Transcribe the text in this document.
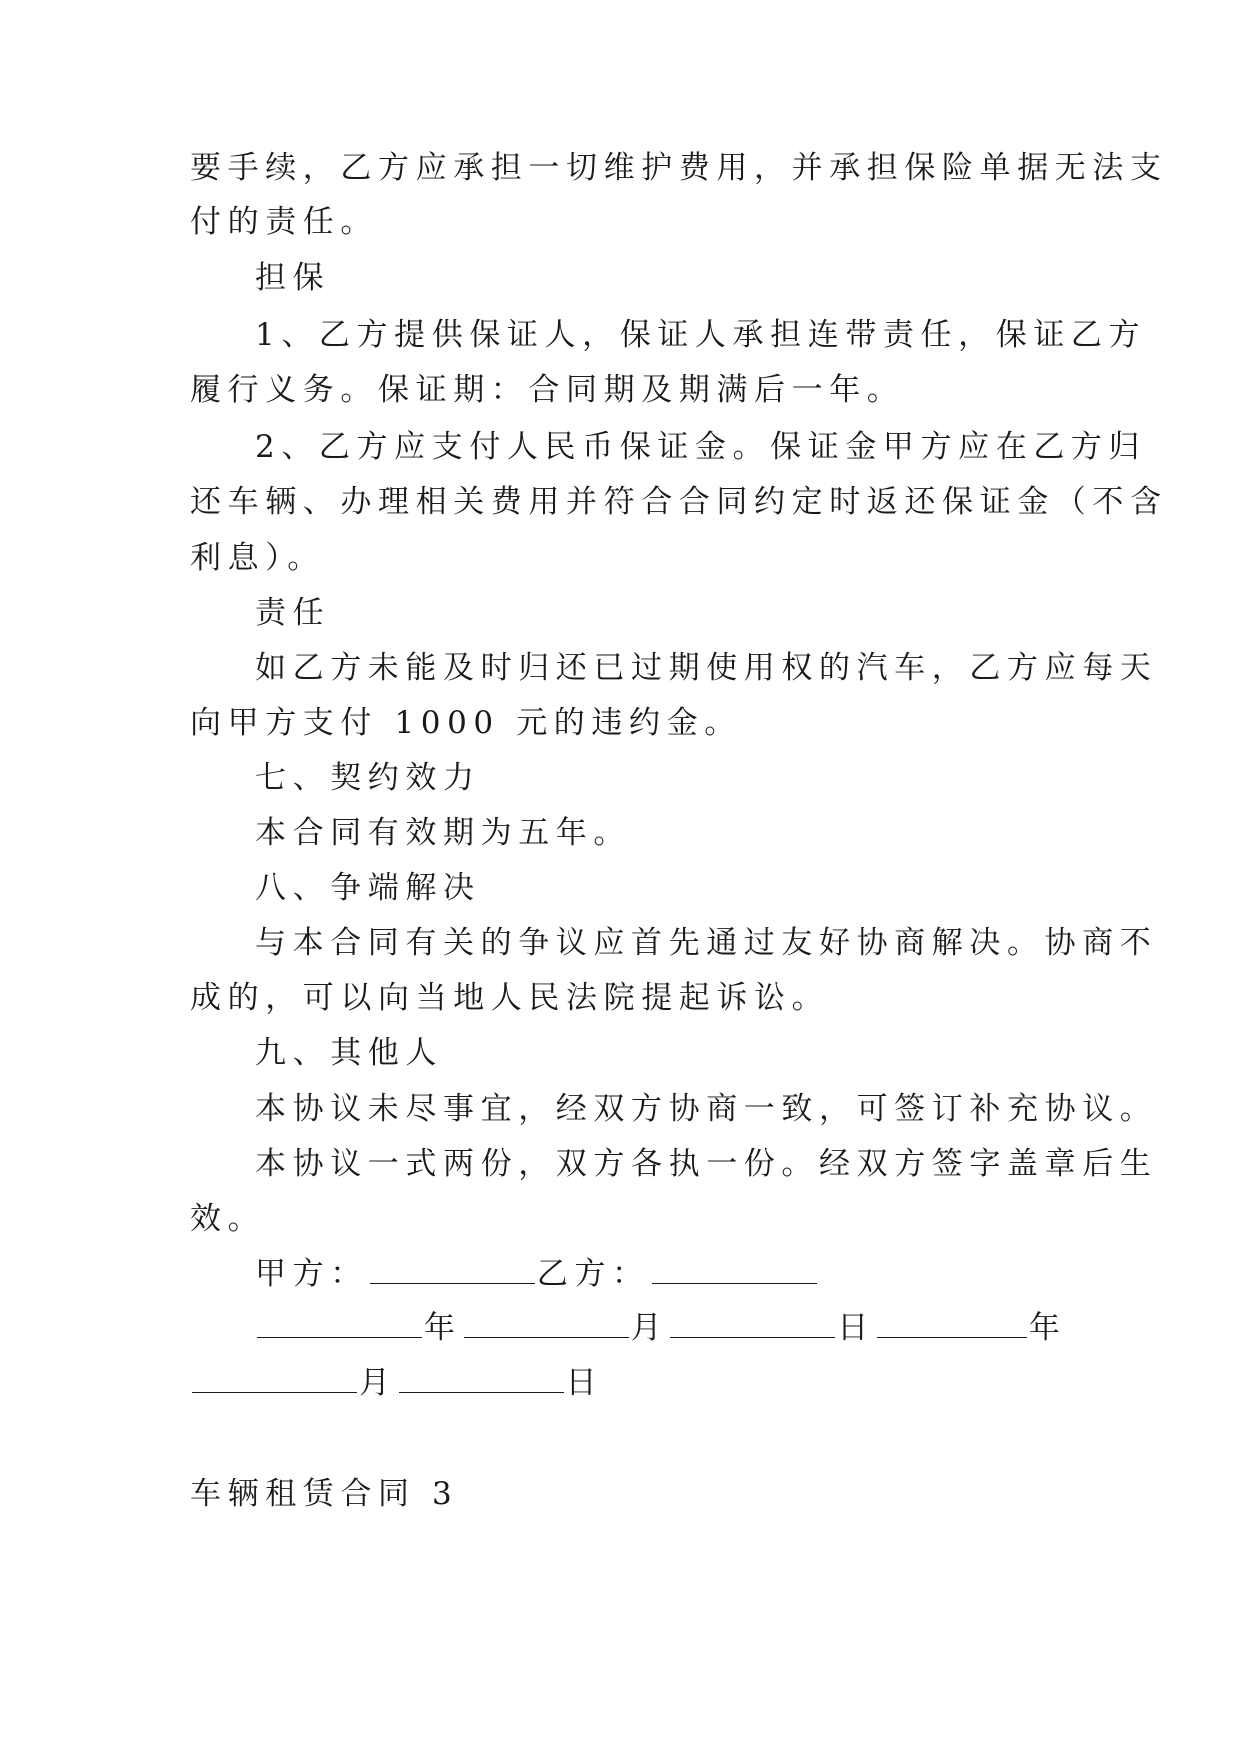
要手续，乙方应承担一切维护费用，并承担保险单据无法支
付的责任。
担保
1、乙方提供保证人，保证人承担连带责任，保证乙方
履行义务。保证期：合同期及期满后一年。
2、乙方应支付人民币保证金。保证金甲方应在乙方归
还车辆、办理相关费用并符合合同约定时返还保证金（不含
利息）。
责任
如乙方未能及时归还已过期使用权的汽车，乙方应每天
向甲方支付 1000 元的违约金。
七、契约效力
本合同有效期为五年。
八、争端解决
与本合同有关的争议应首先通过友好协商解决。协商不
成的，可以向当地人民法院提起诉讼。
九、其他人
本协议未尽事宜，经双方协商一致，可签订补充协议。
本协议一式两份，双方各执一份。经双方签字盖章后生
效。
甲方：	乙方：
年	月	日	年
月	日
车辆租赁合同 3
